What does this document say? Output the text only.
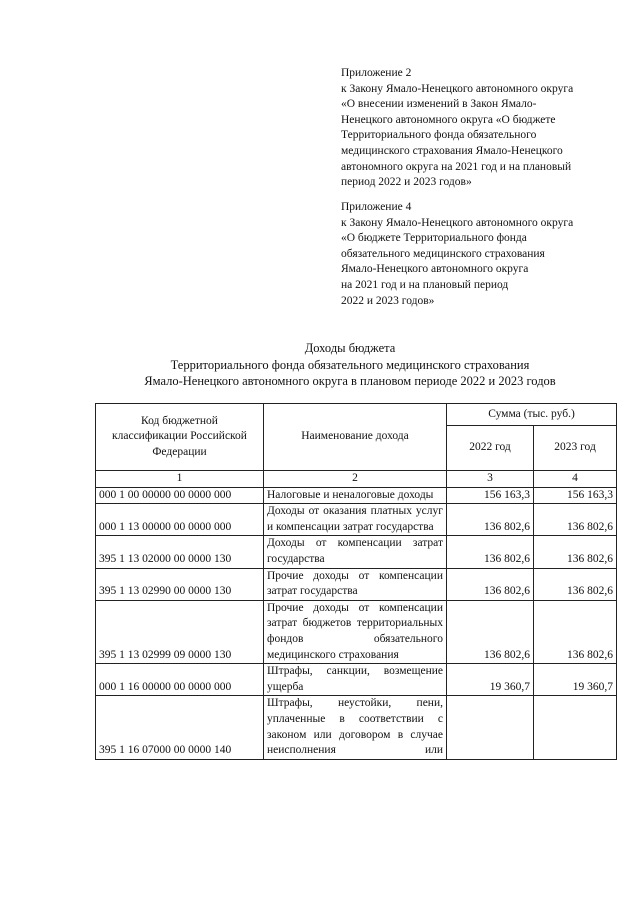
Приложение 2
к Закону Ямало-Ненецкого автономного округа
«О внесении изменений в Закон Ямало-
Ненецкого автономного округа «О бюджете
Территориального фонда обязательного
медицинского страхования Ямало-Ненецкого
автономного округа на 2021 год и на плановый
период 2022 и 2023 годов»
Приложение 4
к Закону Ямало-Ненецкого автономного округа
«О бюджете Территориального фонда
обязательного медицинского страхования
Ямало-Ненецкого автономного округа
на 2021 год и на плановый период
2022 и 2023 годов»
Доходы бюджета
Территориального фонда обязательного медицинского страхования
Ямало-Ненецкого автономного округа в плановом периоде 2022 и 2023 годов
Код бюджетной классификации Российской Федерации	Наименование дохода	Сумма (тыс. руб.)	
		2022 год	2023 год
1	2	3	4
000 1 00 00000 00 0000 000	Налоговые и неналоговые доходы	156 163,3	156 163,3
000 1 13 00000 00 0000 000	Доходы от оказания платных услуг и компенсации затрат государства	136 802,6	136 802,6
395 1 13 02000 00 0000 130	Доходы от компенсации затрат государства	136 802,6	136 802,6
395 1 13 02990 00 0000 130	Прочие доходы от компенсации затрат государства	136 802,6	136 802,6
395 1 13 02999 09 0000 130	Прочие доходы от компенсации затрат бюджетов территориальных фондов обязательного медицинского страхования	136 802,6	136 802,6
000 1 16 00000 00 0000 000	Штрафы, санкции, возмещение ущерба	19 360,7	19 360,7
395 1 16 07000 00 0000 140	Штрафы, неустойки, пени, уплаченные в соответствии с законом или договором в случае неисполнения или		
